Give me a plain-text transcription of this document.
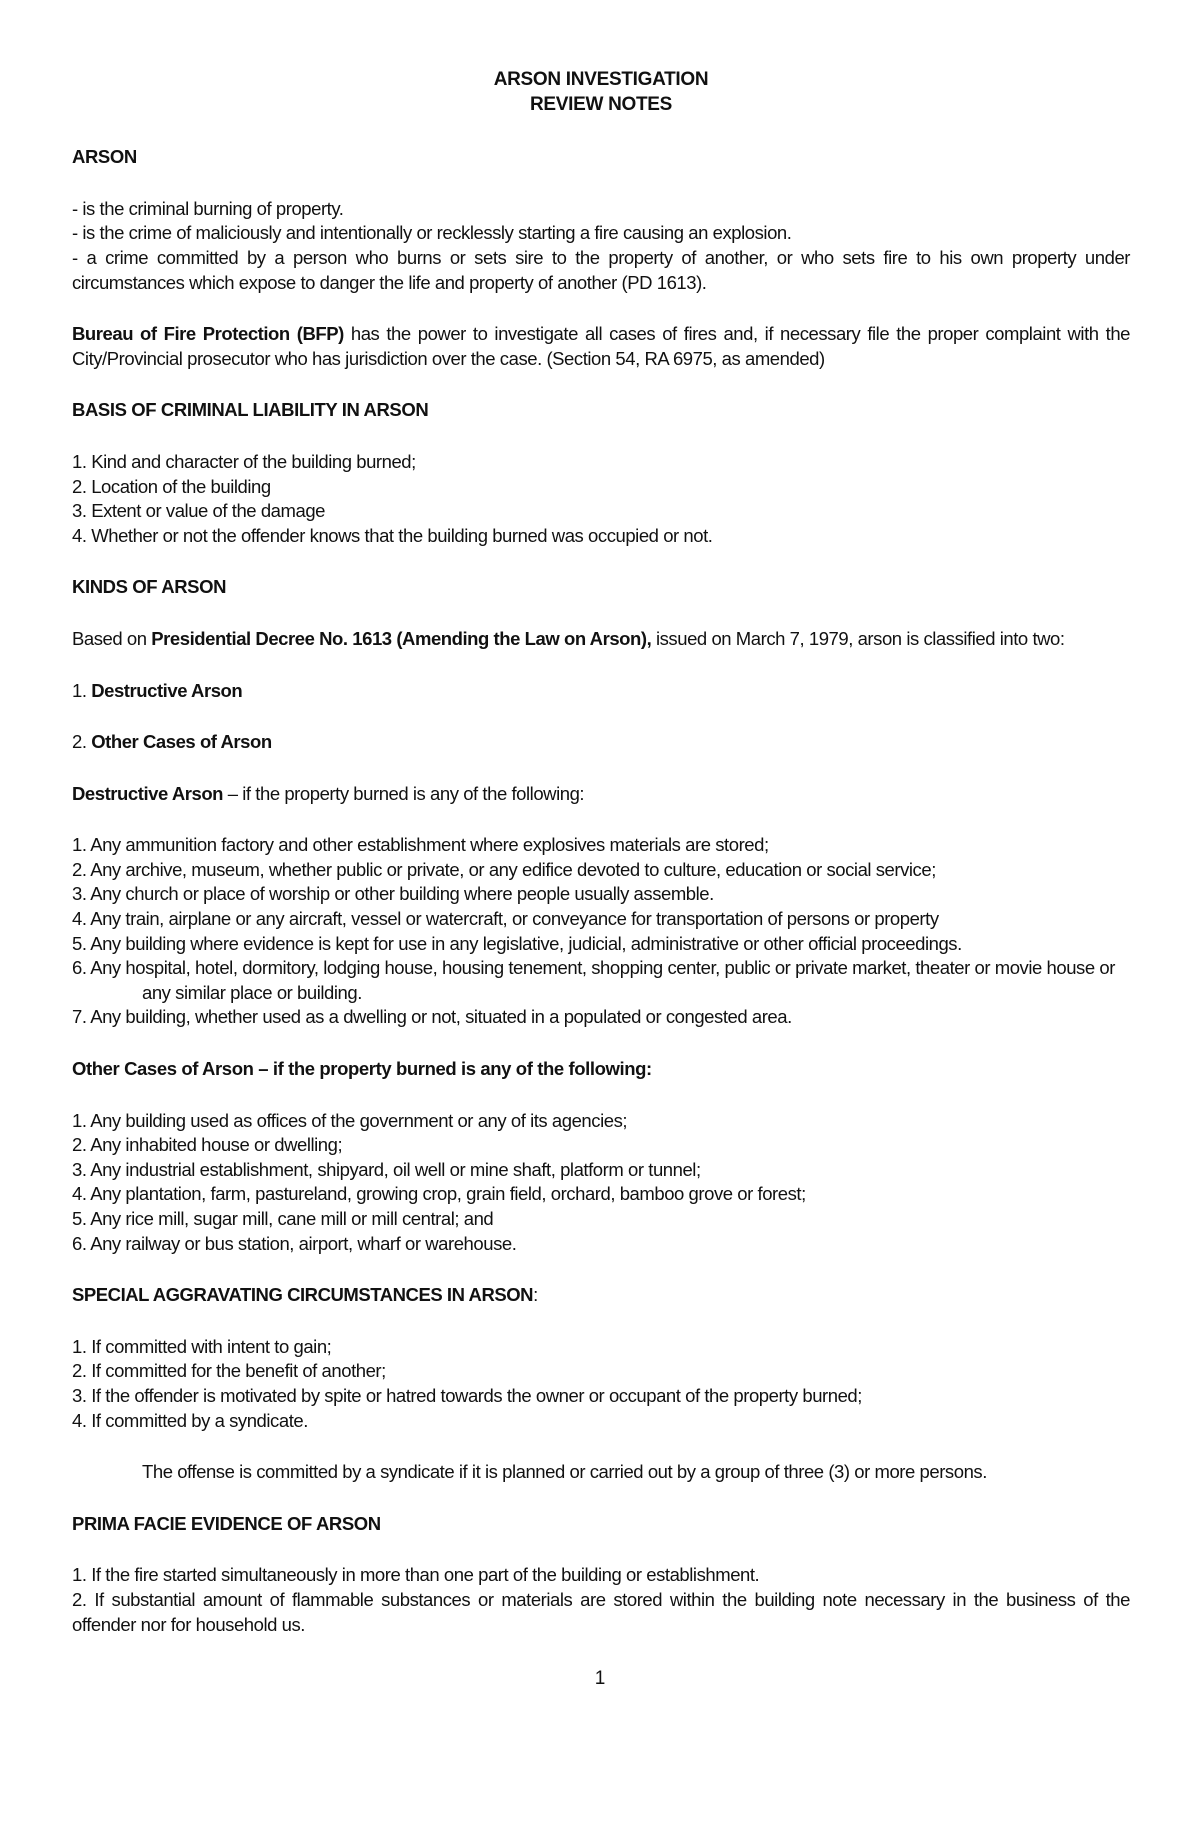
ARSON INVESTIGATION

REVIEW NOTES

ARSON

- is the criminal burning of property.

- is the crime of maliciously and intentionally or recklessly starting a fire causing an explosion.

- a crime committed by a person who burns or sets sire to the property of another, or who sets fire to his own property under circumstances which expose to danger the life and property of another (PD 1613).

Bureau of Fire Protection (BFP) has the power to investigate all cases of fires and, if necessary file the proper complaint with the City/Provincial prosecutor who has jurisdiction over the case. (Section 54, RA 6975, as amended)

BASIS OF CRIMINAL LIABILITY IN ARSON

1. Kind and character of the building burned;

2. Location of the building

3. Extent or value of the damage

4. Whether or not the offender knows that the building burned was occupied or not.

KINDS OF ARSON

Based on Presidential Decree No. 1613 (Amending the Law on Arson), issued on March 7, 1979, arson is classified into two:

1. Destructive Arson

2. Other Cases of Arson

Destructive Arson – if the property burned is any of the following:

1. Any ammunition factory and other establishment where explosives materials are stored;

2. Any archive, museum, whether public or private, or any edifice devoted to culture, education or social service;

3. Any church or place of worship or other building where people usually assemble.

4. Any train, airplane or any aircraft, vessel or watercraft, or conveyance for transportation of persons or property

5. Any building where evidence is kept for use in any legislative, judicial, administrative or other official proceedings.

6. Any hospital, hotel, dormitory, lodging house, housing tenement, shopping center, public or private market, theater or movie house or any similar place or building.

7. Any building, whether used as a dwelling or not, situated in a populated or congested area.

Other Cases of Arson – if the property burned is any of the following:

1. Any building used as offices of the government or any of its agencies;

2. Any inhabited house or dwelling;

3. Any industrial establishment, shipyard, oil well or mine shaft, platform or tunnel;

4. Any plantation, farm, pastureland, growing crop, grain field, orchard, bamboo grove or forest;

5. Any rice mill, sugar mill, cane mill or mill central; and

6. Any railway or bus station, airport, wharf or warehouse.

SPECIAL AGGRAVATING CIRCUMSTANCES IN ARSON:

1. If committed with intent to gain;

2. If committed for the benefit of another;

3. If the offender is motivated by spite or hatred towards the owner or occupant of the property burned;

4. If committed by a syndicate.

The offense is committed by a syndicate if it is planned or carried out by a group of three (3) or more persons.

PRIMA FACIE EVIDENCE OF ARSON

1. If the fire started simultaneously in more than one part of the building or establishment.

2. If substantial amount of flammable substances or materials are stored within the building note necessary in the business of the offender nor for household us.

1
